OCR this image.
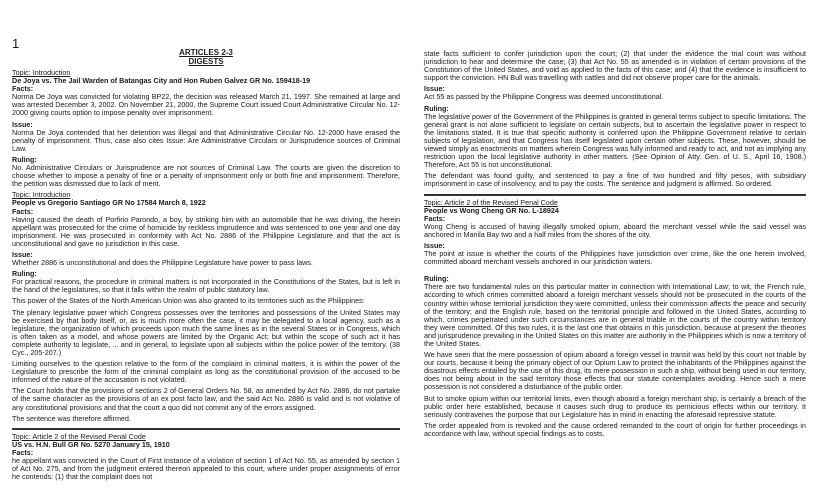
1
ARTICLES 2-3
DIGESTS
Topic: Introduction
De Joya vs. The Jail Warden of Batangas City and Hon Ruben Galvez GR No. 159418-19
Facts:

Norma De Joya was convicted for violating BP22, the decision was released March 21, 1997. She remained at large and was arrested December 3, 2002. On November 21, 2000, the Supreme Court issued Court Administrative Circular No. 12-2000 giving courts option to impose penalty over imprisonment.

Issue:

Norma De Joya contended that her detention was illegal and that Administrative Circular No. 12-2000 have erased the penalty of imprisonment. Thus, case also cites Issue: Are Administrative Circulars or Jurisprudence sources of Criminal Law.

Ruling:

No. Administrative Circulars or Jurisprudence are not sources of Criminal Law. The courts are given the discretion to choose whether to impose a penalty of fine or a penalty of imprisonment only or both fine and imprisonment. Therefore, the petition was dismissed due to lack of merit.

Topic: Introduction
People vs Gregorio Santiago GR No 17584 March 8, 1922
Facts:

Having caused the death of Porfirio Parondo, a boy, by striking him with an automobile that he was driving, the herein appellant was prosecuted for the crime of homicide by reckless imprudence and was sentenced to one year and one day imprisonment. He was prosecuted in conformity with Act No. 2886 of the Philippine Legislature and that the act is unconstitutional and gave no jurisdiction in this case.

Issue:

Whether 2886 is unconstitutional and does the Philippine Legislature have power to pass laws.

Ruling:

For practical reasons, the procedure in criminal matters is not incorporated in the Constitutions of the States, but is left in the hand of the legislatures, so that it falls within the realm of public statutory law.

This power of the States of the North American Union was also granted to its territories such as the Philippines:

The plenary legislative power which Congress possesses over the territories and possessions of the United States may be exercised by that body itself, or, as is much more often the case, it may be delegated to a local agency, such as a legislature, the organization of which proceeds upon much the same lines as in the several States or in Congress, which is often taken as a model, and whose powers are limited by the Organic Act; but within the scope of such act it has complete authority to legislate, ... and in general, to legislate upon all subjects within the police power of the territory. (38 Cyc., 205-207.)

Limiting ourselves to the question relative to the form of the complaint in criminal matters, it is within the power of the Legislature to prescribe the form of the criminal complaint as long as the constitutional provision of the accused to be informed of the nature of the accusation is not violated.

The Court holds that the provisions of sections 2 of General Orders No. 58, as amended by Act No. 2886, do not partake of the same character as the provisions of an ex post facto law, and the said Act No. 2886 is valid and is not violative of any constitutional provisions and that the court a quo did not commit any of the errors assigned.

The sentence was therefore affirmed.

Topic: Article 2 of the Revised Penal Code
US vs. H.N. Bull GR No. 5270 January 15, 1910
Facts:

he appellant was convicted in the Court of First Instance of a violation of section 1 of Act No. 55, as amended by section 1 of Act No. 275, and from the judgment entered thereon appealed to this court, where under proper assignments of error he contends: (1) that the complaint does not

state facts sufficient to confer jurisdiction upon the court; (2) that under the evidence the trial court was without jurisdiction to hear and determine the case; (3) that Act No. 55 as amended is in violation of certain provisions of the Constitution of the United States, and void as applied to the facts of this case; and (4) that the evidence is insufficient to support the conviction. HN Bull was travelling with cattles and did not observe proper care for the animals.

Issue:

Act 55 as passed by the Philippine Congress was deemed unconstitutional.

Ruling:

The legislative power of the Government of the Philippines is granted in general terms subject to specific limitations. The general grant is not alone sufficient to legislate on certain subjects, but to ascertain the legislative power in respect to the limitations stated. It is true that specific authority is conferred upon the Philippine Government relative to certain subjects of legislation, and that Congress has itself legislated upon certain other subjects. These, however, should be viewed simply as enactments on matters wherein Congress was fully informed and ready to act, and not as implying any restriction upon the local legislative authority in other matters. (See Opinion of Atty. Gen. of U. S., April 16, 1908.) Therefore, Act 55 is not unconstitutional.

The defendant was found guilty, and sentenced to pay a fine of two hundred and fifty pesos, with subsidiary imprisonment in case of insolvency, and to pay the costs. The sentence and judgment is affirmed. So ordered.

Topic: Article 2 of the Revised Penal Code
People vs Wong Cheng GR No. L-18924
Facts:

Wong Cheng is accused of having illegally smoked opium, aboard the merchant vessel while the said vessel was anchored in Manila Bay two and a half miles from the shores of the city.

Issue:

The point at issue is whether the courts of the Philippines have jurisdiction over crime, like the one herein involved, committed aboard merchant vessels anchored in our jurisdiction waters.

Ruling:

There are two fundamental rules on this particular matter in connection with International Law; to wit, the French rule, according to which crimes committed aboard a foreign merchant vessels should not be prosecuted in the courts of the country within whose territorial jurisdiction they were committed, unless their commission affects the peace and security of the territory; and the English rule, based on the territorial principle and followed in the United States, according to which, crimes perpetrated under such circumstances are in general triable in the courts of the country within territory they were committed. Of this two rules, it is the last one that obtains in this jurisdiction, because at present the theories and jurisprudence prevailing in the United States on this matter are authority in the Philippines which is now a territory of the United States.

We have seen that the mere possession of opium aboard a foreign vessel in transit was held by this court not triable by our courts, because it being the primary object of our Opium Law to protect the inhabitants of the Philippines against the disastrous effects entailed by the use of this drug, its mere possession in such a ship, without being used in our territory, does not being about in the said territory those effects that our statute contemplates avoiding. Hence such a mere possession is not considered a disturbance of the public order.

But to smoke opium within our territorial limits, even though aboard a foreign merchant ship, is certainly a breach of the public order here established, because it causes such drug to produce its pernicious effects within our territory. It seriously contravenes the purpose that our Legislature has in mind in enacting the aforesaid repressive statute.

The order appealed from is revoked and the cause ordered remanded to the court of origin for further proceedings in accordance with law, without special findings as to costs.
